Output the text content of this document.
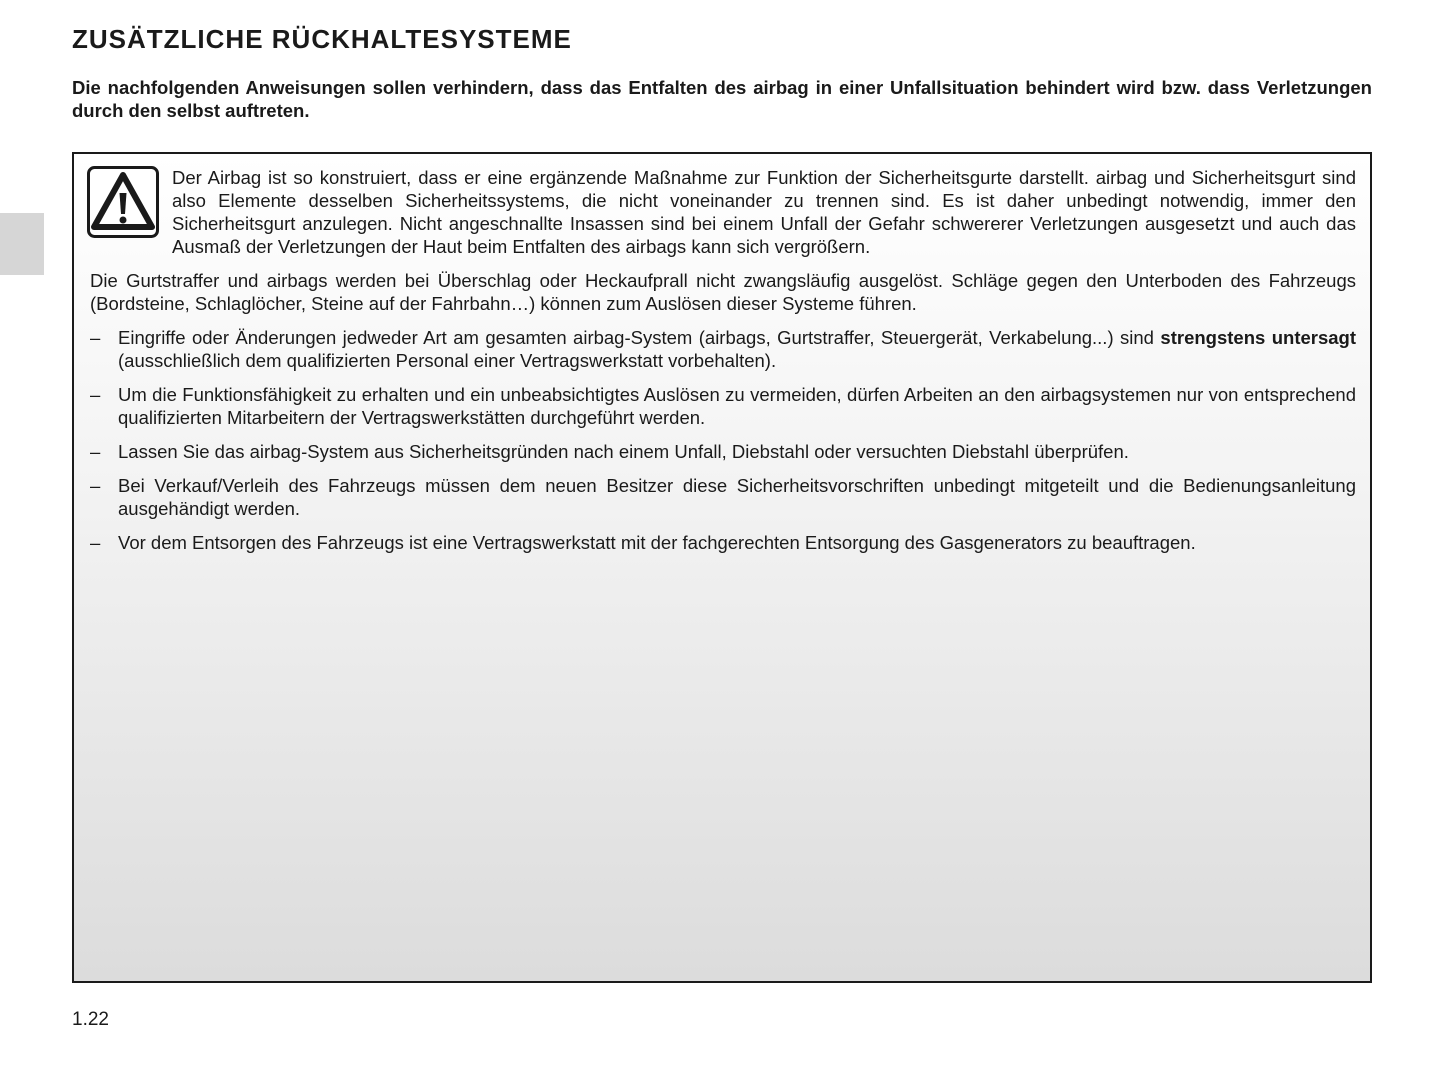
ZUSÄTZLICHE RÜCKHALTESYSTEME

Die nachfolgenden Anweisungen sollen verhindern, dass das Entfalten des airbag in einer Unfallsituation behindert wird bzw. dass Verletzungen durch den selbst auftreten.

Der Airbag ist so konstruiert, dass er eine ergänzende Maßnahme zur Funktion der Sicherheitsgurte darstellt. airbag und Sicherheitsgurt sind also Elemente desselben Sicherheitssystems, die nicht voneinander zu trennen sind. Es ist daher unbedingt notwendig, immer den Sicherheitsgurt anzulegen. Nicht angeschnallte Insassen sind bei einem Unfall der Gefahr schwererer Verletzungen ausgesetzt und auch das Ausmaß der Verletzungen der Haut beim Entfalten des airbags kann sich vergrößern.

Die Gurtstraffer und airbags werden bei Überschlag oder Heckaufprall nicht zwangsläufig ausgelöst. Schläge gegen den Unterboden des Fahrzeugs (Bordsteine, Schlaglöcher, Steine auf der Fahrbahn…) können zum Auslösen dieser Systeme führen.

– Eingriffe oder Änderungen jedweder Art am gesamten airbag-System (airbags, Gurtstraffer, Steuergerät, Verkabelung...) sind strengstens untersagt (ausschließlich dem qualifizierten Personal einer Vertragswerkstatt vorbehalten).
– Um die Funktionsfähigkeit zu erhalten und ein unbeabsichtigtes Auslösen zu vermeiden, dürfen Arbeiten an den airbagsystemen nur von entsprechend qualifizierten Mitarbeitern der Vertragswerkstätten durchgeführt werden.
– Lassen Sie das airbag-System aus Sicherheitsgründen nach einem Unfall, Diebstahl oder versuchten Diebstahl überprüfen.
– Bei Verkauf/Verleih des Fahrzeugs müssen dem neuen Besitzer diese Sicherheitsvorschriften unbedingt mitgeteilt und die Bedienungsanleitung ausgehändigt werden.
– Vor dem Entsorgen des Fahrzeugs ist eine Vertragswerkstatt mit der fachgerechten Entsorgung des Gasgenerators zu beauftragen.
1.22
